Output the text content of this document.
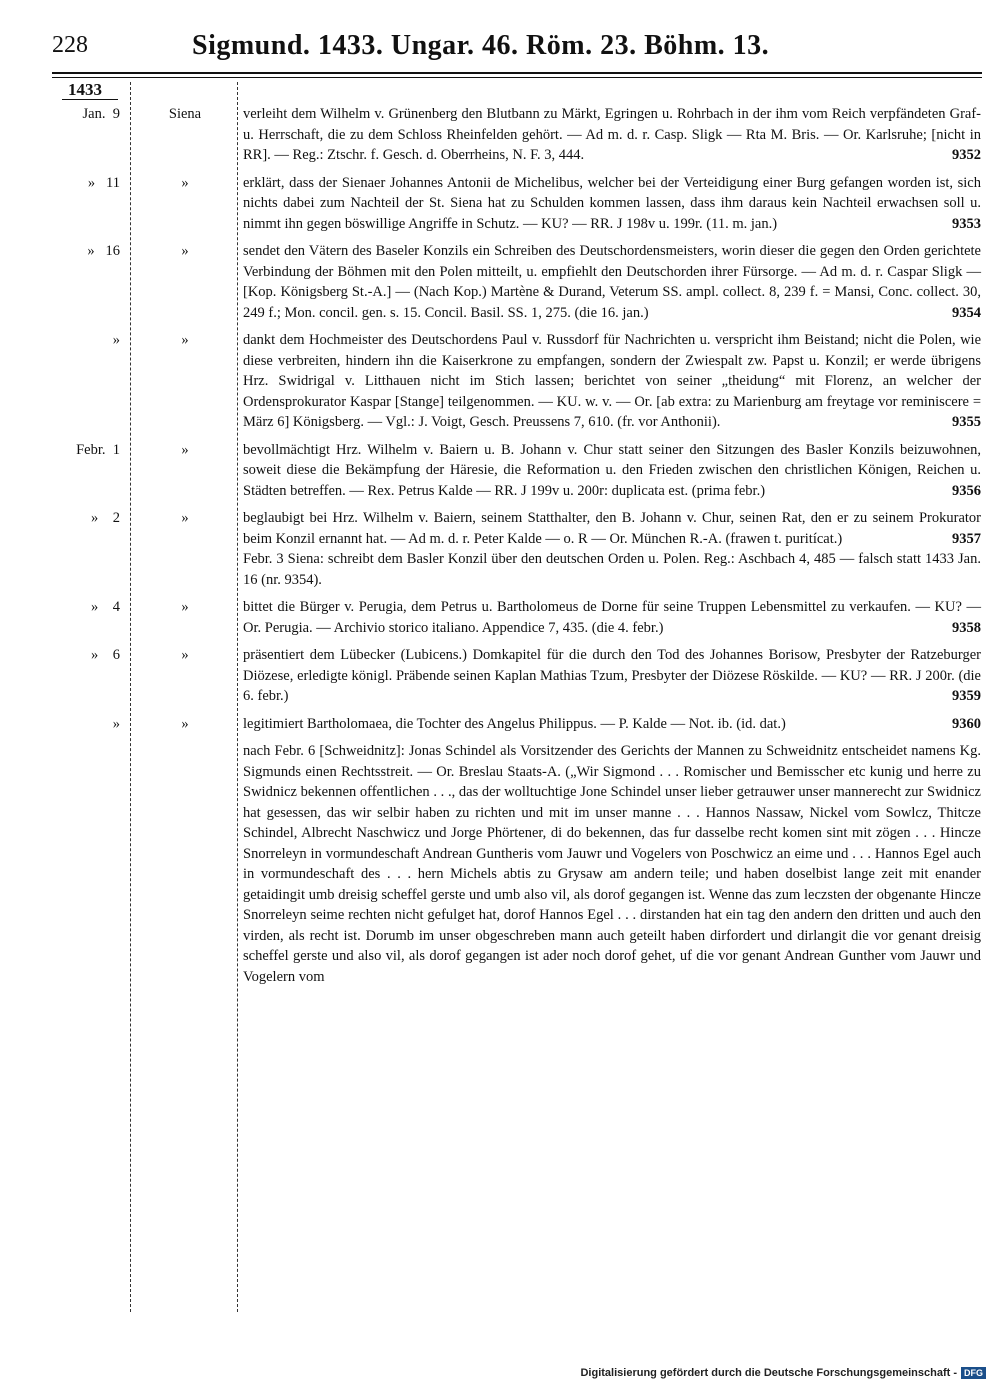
228	Sigmund. 1433. Ungar. 46. Röm. 23. Böhm. 13.
1433
Jan.  9	Siena	verleiht dem Wilhelm v. Grünenberg den Blutbann zu Märkt, Egringen u. Rohrbach in der ihm vom Reich verpfändeten Graf- u. Herrschaft, die zu dem Schloss Rheinfelden gehört. — Ad m. d. r. Casp. Sligk — Rta M. Bris. — Or. Karlsruhe; [nicht in RR]. — Reg.: Ztschr. f. Gesch. d. Oberrheins, N. F. 3, 444.	9352
»   11	»	erklärt, dass der Sienaer Johannes Antonii de Michelibus, welcher bei der Verteidigung einer Burg gefangen worden ist, sich nichts dabei zum Nachteil der St. Siena hat zu Schulden kommen lassen, dass ihm daraus kein Nachteil erwachsen soll u. nimmt ihn gegen böswillige Angriffe in Schutz. — KU? — RR. J 198v u. 199r. (11. m. jan.)	9353
»   16	»	sendet den Vätern des Baseler Konzils ein Schreiben des Deutschordensmeisters, worin dieser die gegen den Orden gerichtete Verbindung der Böhmen mit den Polen mitteilt, u. empfiehlt den Deutschorden ihrer Fürsorge. — Ad m. d. r. Caspar Sligk — [Kop. Königsberg St.-A.] — (Nach Kop.) Martène & Durand, Veterum SS. ampl. collect. 8, 239 f. = Mansi, Conc. collect. 30, 249 f.; Mon. concil. gen. s. 15. Concil. Basil. SS. 1, 275. (die 16. jan.)	9354
»	»	dankt dem Hochmeister des Deutschordens Paul v. Russdorf für Nachrichten u. verspricht ihm Beistand; nicht die Polen, wie diese verbreiten, hindern ihn die Kaiserkrone zu empfangen, sondern der Zwiespalt zw. Papst u. Konzil; er werde übrigens Hrz. Swidrigal v. Litthauen nicht im Stich lassen; berichtet von seiner „theidung“ mit Florenz, an welcher der Ordensprokurator Kaspar [Stange] teilgenommen. — KU. w. v. — Or. [ab extra: zu Marienburg am freytage vor reminiscere = März 6] Königsberg. — Vgl.: J. Voigt, Gesch. Preussens 7, 610. (fr. vor Anthonii).	9355
Febr.  1	»	bevollmächtigt Hrz. Wilhelm v. Baiern u. B. Johann v. Chur statt seiner den Sitzungen des Basler Konzils beizuwohnen, soweit diese die Bekämpfung der Häresie, die Reformation u. den Frieden zwischen den christlichen Königen, Reichen u. Städten betreffen. — Rex. Petrus Kalde — RR. J 199v u. 200r: duplicata est. (prima febr.)	9356
»    2	»	beglaubigt bei Hrz. Wilhelm v. Baiern, seinem Statthalter, den B. Johann v. Chur, seinen Rat, den er zu seinem Prokurator beim Konzil ernannt hat. — Ad m. d. r. Peter Kalde — o. R — Or. München R.-A. (frawen t. puritícat.)	9357
Febr. 3 Siena: schreibt dem Basler Konzil über den deutschen Orden u. Polen. Reg.: Aschbach 4, 485 — falsch statt 1433 Jan. 16 (nr. 9354).
»    4	»	bittet die Bürger v. Perugia, dem Petrus u. Bartholomeus de Dorne für seine Truppen Lebensmittel zu verkaufen. — KU? — Or. Perugia. — Archivio storico italiano. Appendice 7, 435. (die 4. febr.)	9358
»    6	»	präsentiert dem Lübecker (Lubicens.) Domkapitel für die durch den Tod des Johannes Borisow, Presbyter der Ratzeburger Diözese, erledigte königl. Präbende seinen Kaplan Mathias Tzum, Presbyter der Diözese Röskilde. — KU? — RR. J 200r. (die 6. febr.)	9359
»	»	legitimiert Bartholomaea, die Tochter des Angelus Philippus. — P. Kalde — Not. ib. (id. dat.)	9360
nach Febr. 6 [Schweidnitz]: Jonas Schindel als Vorsitzender des Gerichts der Mannen zu Schweidnitz entscheidet namens Kg. Sigmunds einen Rechtsstreit. — Or. Breslau Staats-A. („Wir Sigmond . . . Romischer und Bemisscher etc kunig und herre zu Swidnicz bekennen offentlichen . . ., das der wolltuchtige Jone Schindel unser lieber getrauwer unser mannerecht zur Swidnicz hat gesessen, das wir selbir haben zu richten und mit im unser manne . . . Hannos Nassaw, Nickel vom Sowlcz, Thitcze Schindel, Albrecht Naschwicz und Jorge Phörtener, di do bekennen, das fur dasselbe recht komen sint mit zögen . . . Hincze Snorreleyn in vormundeschaft Andrean Guntheris vom Jauwr und Vogelers von Poschwicz an eime und . . . Hannos Egel auch in vormundeschaft des . . . hern Michels abtis zu Grysaw am andern teile; und haben doselbist lange zeit mit enander getaidingit umb dreisig scheffel gerste und umb also vil, als dorof gegangen ist. Wenne das zum leczsten der obgenante Hincze Snorreleyn seime rechten nicht gefulget hat, dorof Hannos Egel . . . dirstanden hat ein tag den andern den dritten und auch den virden, als recht ist. Dorumb im unser obgeschreben mann auch geteilt haben dirfordert und dirlangit die vor genant dreisig scheffel gerste und also vil, als dorof gegangen ist ader noch dorof gehet, uf die vor genant Andrean Gunther vom Jauwr und Vogelern vom
Digitalisierung gefördert durch die Deutsche Forschungsgemeinschaft - DFG
